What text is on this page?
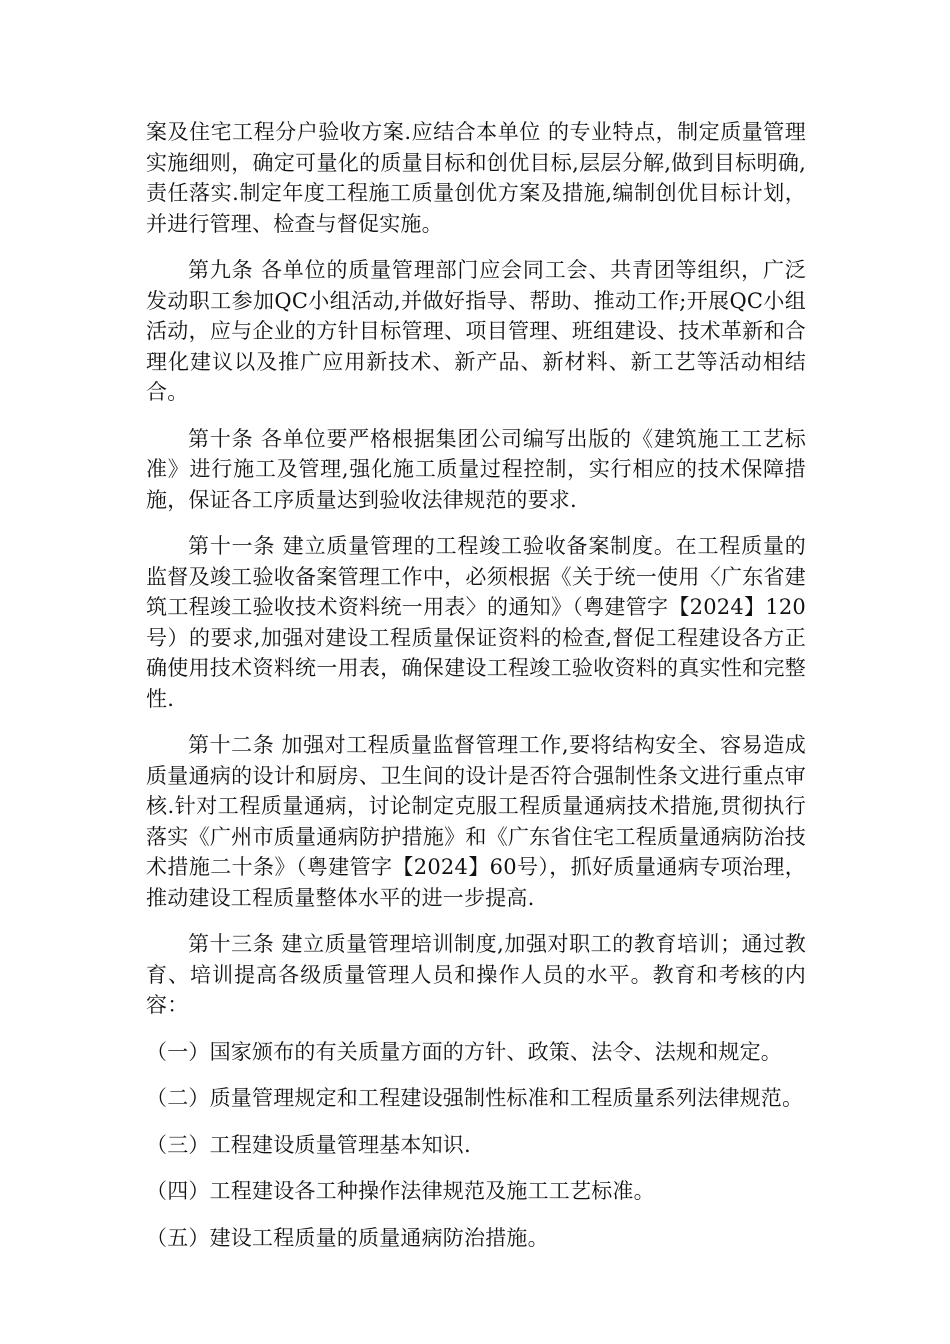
案及住宅工程分户验收方案.应结合本单位 的专业特点，制定质量管理实施细则，确定可量化的质量目标和创优目标,层层分解,做到目标明确,责任落实.制定年度工程施工质量创优方案及措施,编制创优目标计划，并进行管理、检查与督促实施。

第九条 各单位的质量管理部门应会同工会、共青团等组织，广泛发动职工参加QC小组活动,并做好指导、帮助、推动工作;开展QC小组活动，应与企业的方针目标管理、项目管理、班组建设、技术革新和合理化建议以及推广应用新技术、新产品、新材料、新工艺等活动相结合。

第十条 各单位要严格根据集团公司编写出版的《建筑施工工艺标准》进行施工及管理,强化施工质量过程控制，实行相应的技术保障措施，保证各工序质量达到验收法律规范的要求.

第十一条 建立质量管理的工程竣工验收备案制度。在工程质量的监督及竣工验收备案管理工作中，必须根据《关于统一使用〈广东省建筑工程竣工验收技术资料统一用表〉的通知》（粤建管字【2024】120号）的要求,加强对建设工程质量保证资料的检查,督促工程建设各方正确使用技术资料统一用表，确保建设工程竣工验收资料的真实性和完整性.

第十二条 加强对工程质量监督管理工作,要将结构安全、容易造成质量通病的设计和厨房、卫生间的设计是否符合强制性条文进行重点审核.针对工程质量通病，讨论制定克服工程质量通病技术措施,贯彻执行落实《广州市质量通病防护措施》和《广东省住宅工程质量通病防治技术措施二十条》（粤建管字【2024】60号），抓好质量通病专项治理，推动建设工程质量整体水平的进一步提高.

第十三条 建立质量管理培训制度,加强对职工的教育培训；通过教育、培训提高各级质量管理人员和操作人员的水平。教育和考核的内容：

（一）国家颁布的有关质量方面的方针、政策、法令、法规和规定。

（二）质量管理规定和工程建设强制性标准和工程质量系列法律规范。

（三）工程建设质量管理基本知识.

（四）工程建设各工种操作法律规范及施工工艺标准。

（五）建设工程质量的质量通病防治措施。
